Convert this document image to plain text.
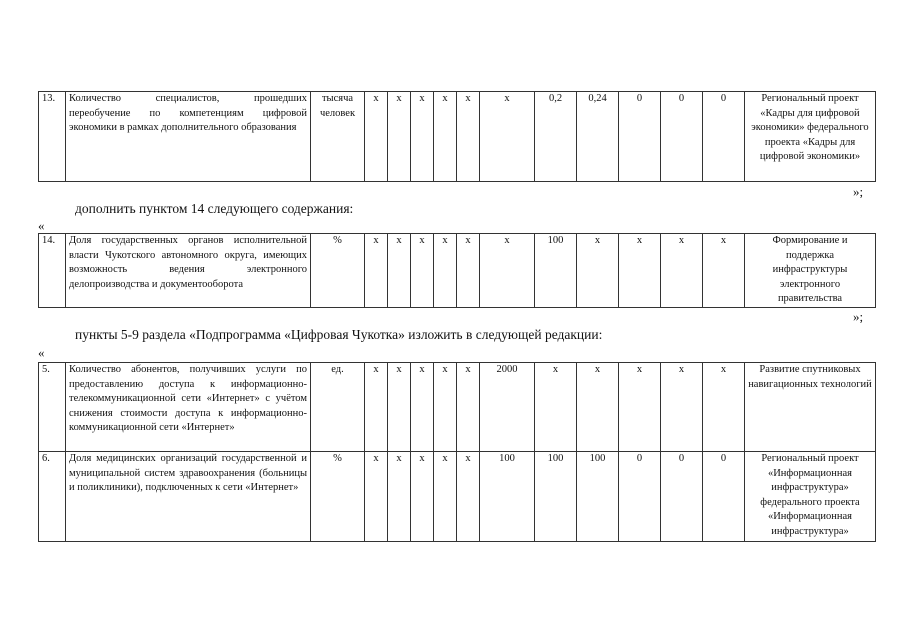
13.	Количество специалистов, прошедших переобучение по компетенциям цифровой экономики в рамках дополнительного образования	тысяча человек	х	х	х	х	х	х	0,2	0,24	0	0	0	Региональный проект «Кадры для цифровой экономики» федерального проекта «Кадры для цифровой экономики»
»;
дополнить пунктом 14 следующего содержания:
«
14.	Доля государственных органов исполнительной власти Чукотского автономного округа, имеющих возможность ведения электронного делопроизводства и документооборота	%	х	х	х	х	х	х	100	х	х	х	х	Формирование и поддержка инфраструктуры электронного правительства
»;
пункты 5-9 раздела «Подпрограмма «Цифровая Чукотка» изложить в следующей редакции:
«
5.	Количество абонентов, получивших услуги по предоставлению доступа к информационно-телекоммуникационной сети «Интернет» с учётом снижения стоимости доступа к информационно-коммуникационной сети «Интернет»	ед.	х	х	х	х	х	2000	х	х	х	х	х	Развитие спутниковых навигационных технологий
6.	Доля медицинских организаций государственной и муниципальной систем здравоохранения (больницы и поликлиники), подключенных к сети «Интернет»	%	х	х	х	х	х	100	100	100	0	0	0	Региональный проект «Информационная инфраструктура» федерального проекта «Информационная инфраструктура»
